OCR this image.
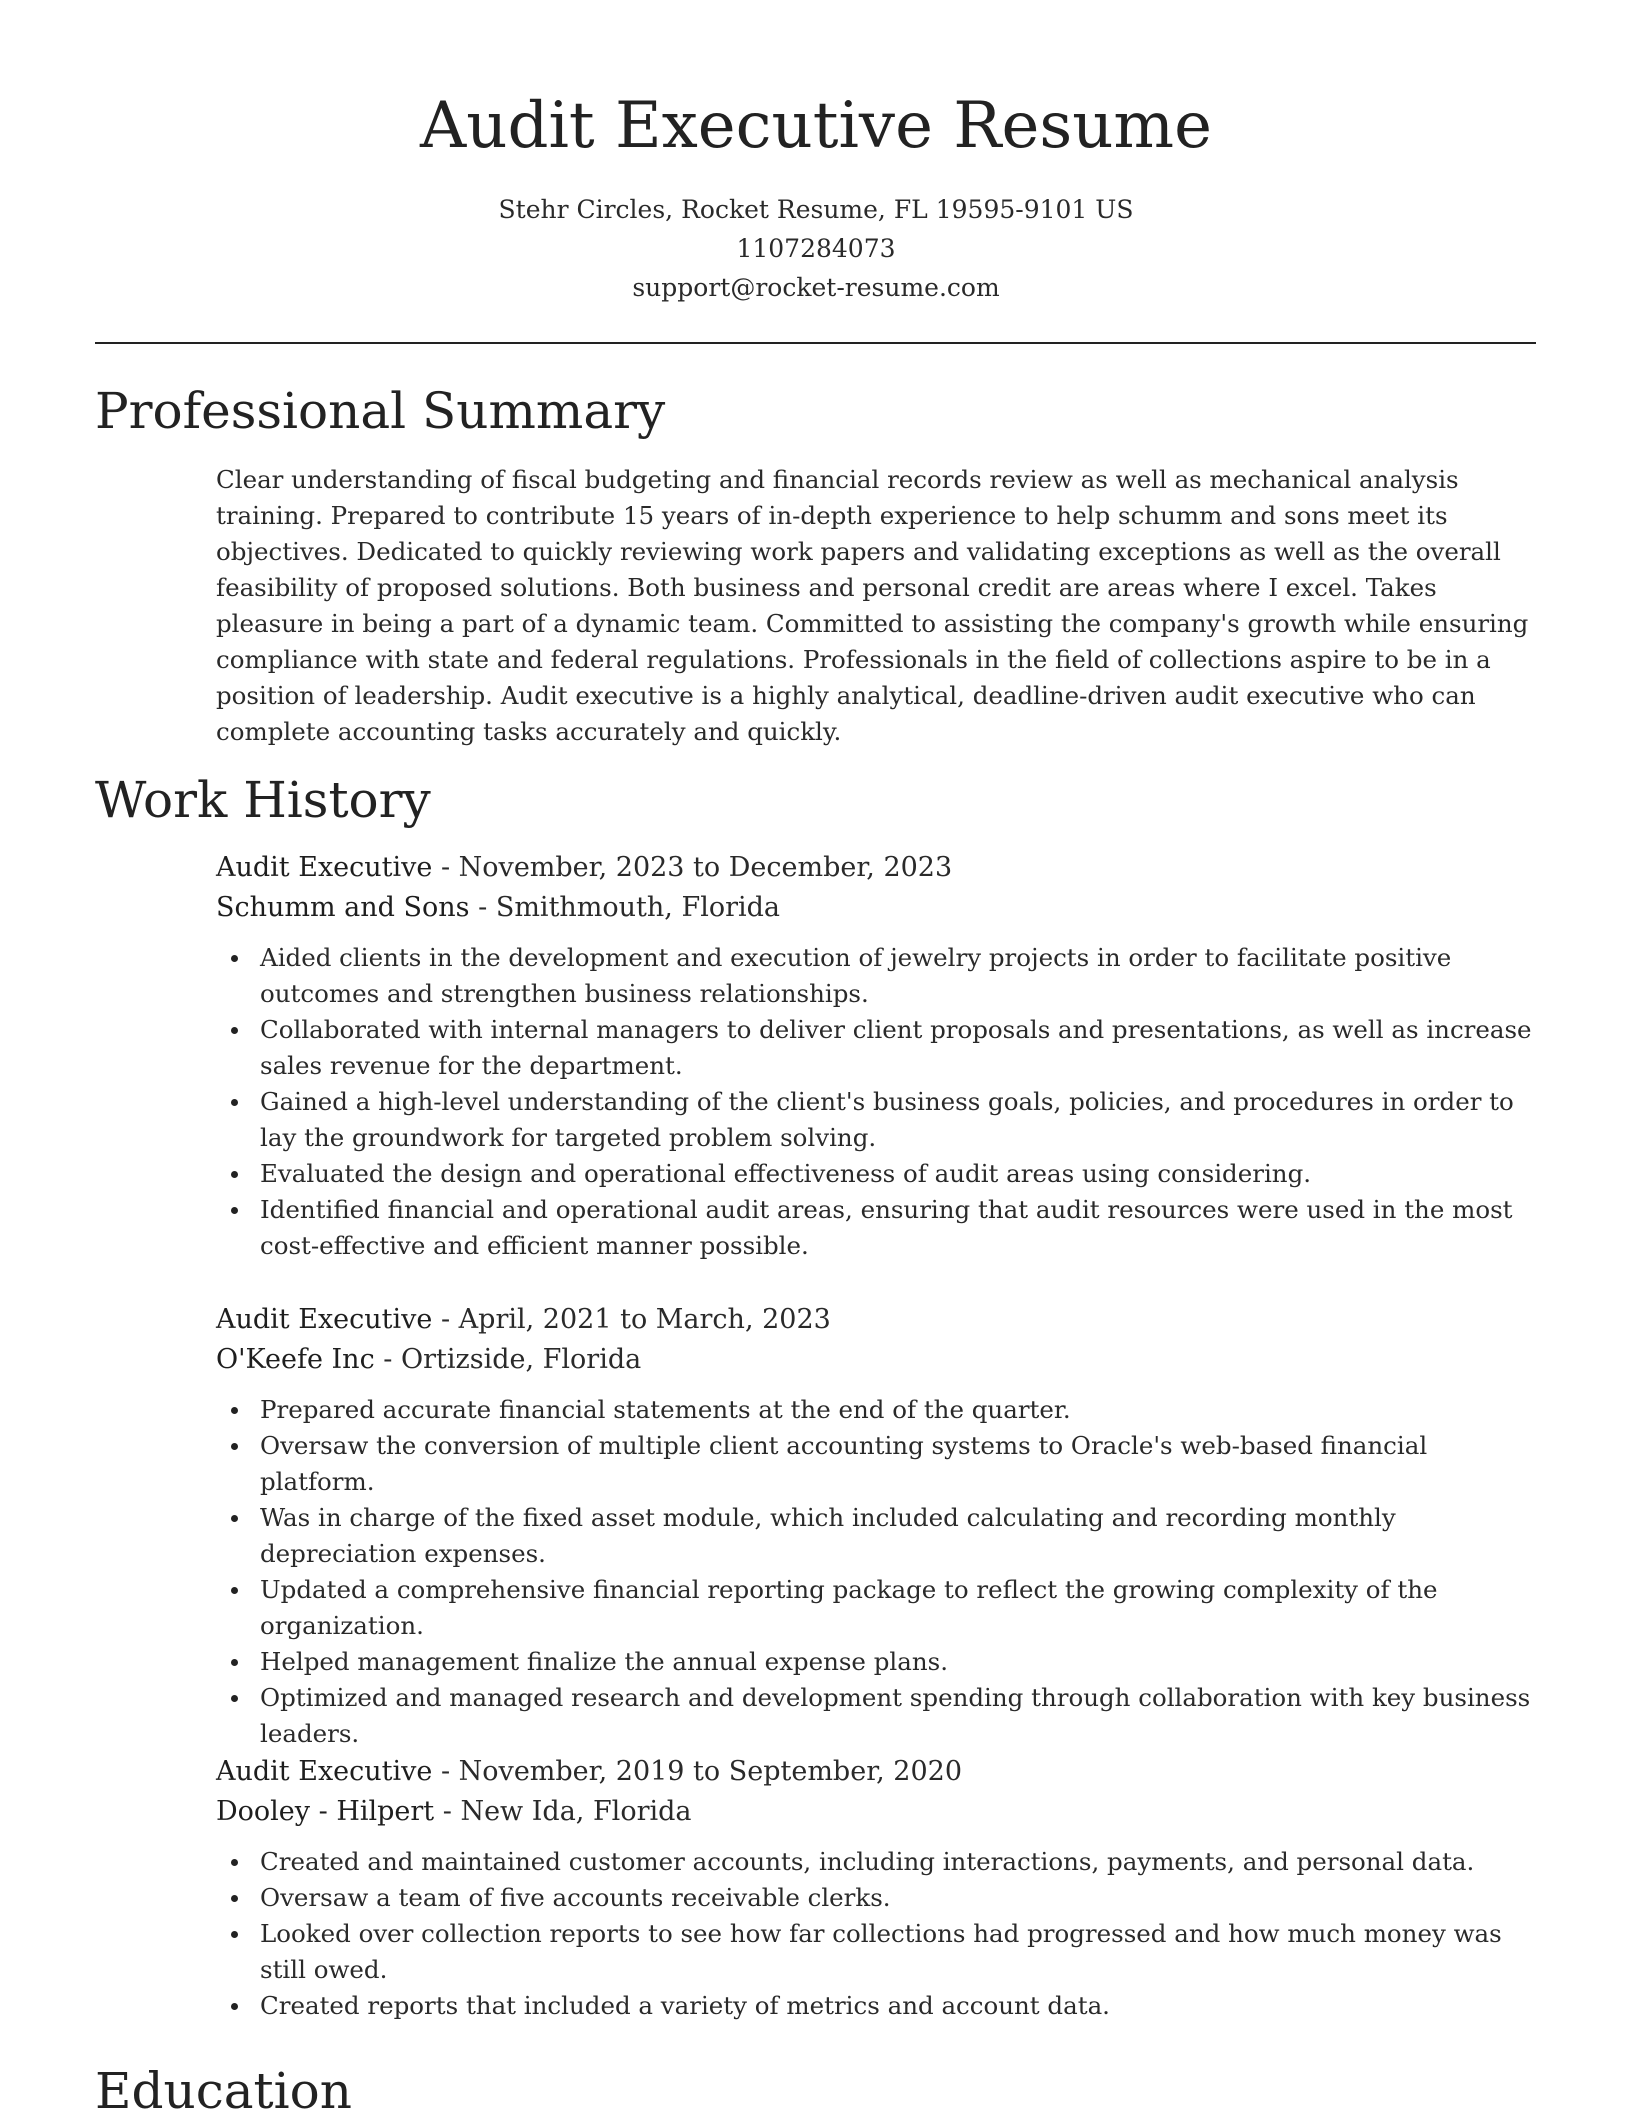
Audit Executive Resume
Stehr Circles, Rocket Resume, FL 19595-9101 US
1107284073
support@rocket-resume.com
Professional Summary

Clear understanding of fiscal budgeting and financial records review as well as mechanical analysis training. Prepared to contribute 15 years of in-depth experience to help schumm and sons meet its objectives. Dedicated to quickly reviewing work papers and validating exceptions as well as the overall feasibility of proposed solutions. Both business and personal credit are areas where I excel. Takes pleasure in being a part of a dynamic team. Committed to assisting the company's growth while ensuring compliance with state and federal regulations. Professionals in the field of collections aspire to be in a position of leadership. Audit executive is a highly analytical, deadline-driven audit executive who can complete accounting tasks accurately and quickly.

Work History
Audit Executive - November, 2023 to December, 2023
Schumm and Sons - Smithmouth, Florida
Aided clients in the development and execution of jewelry projects in order to facilitate positive outcomes and strengthen business relationships.
Collaborated with internal managers to deliver client proposals and presentations, as well as increase sales revenue for the department.
Gained a high-level understanding of the client's business goals, policies, and procedures in order to lay the groundwork for targeted problem solving.
Evaluated the design and operational effectiveness of audit areas using considering.
Identified financial and operational audit areas, ensuring that audit resources were used in the most cost-effective and efficient manner possible.
Audit Executive - April, 2021 to March, 2023
O'Keefe Inc - Ortizside, Florida
Prepared accurate financial statements at the end of the quarter.
Oversaw the conversion of multiple client accounting systems to Oracle's web-based financial platform.
Was in charge of the fixed asset module, which included calculating and recording monthly depreciation expenses.
Updated a comprehensive financial reporting package to reflect the growing complexity of the organization.
Helped management finalize the annual expense plans.
Optimized and managed research and development spending through collaboration with key business leaders.
Audit Executive - November, 2019 to September, 2020
Dooley - Hilpert - New Ida, Florida
Created and maintained customer accounts, including interactions, payments, and personal data.
Oversaw a team of five accounts receivable clerks.
Looked over collection reports to see how far collections had progressed and how much money was still owed.
Created reports that included a variety of metrics and account data.
Education
